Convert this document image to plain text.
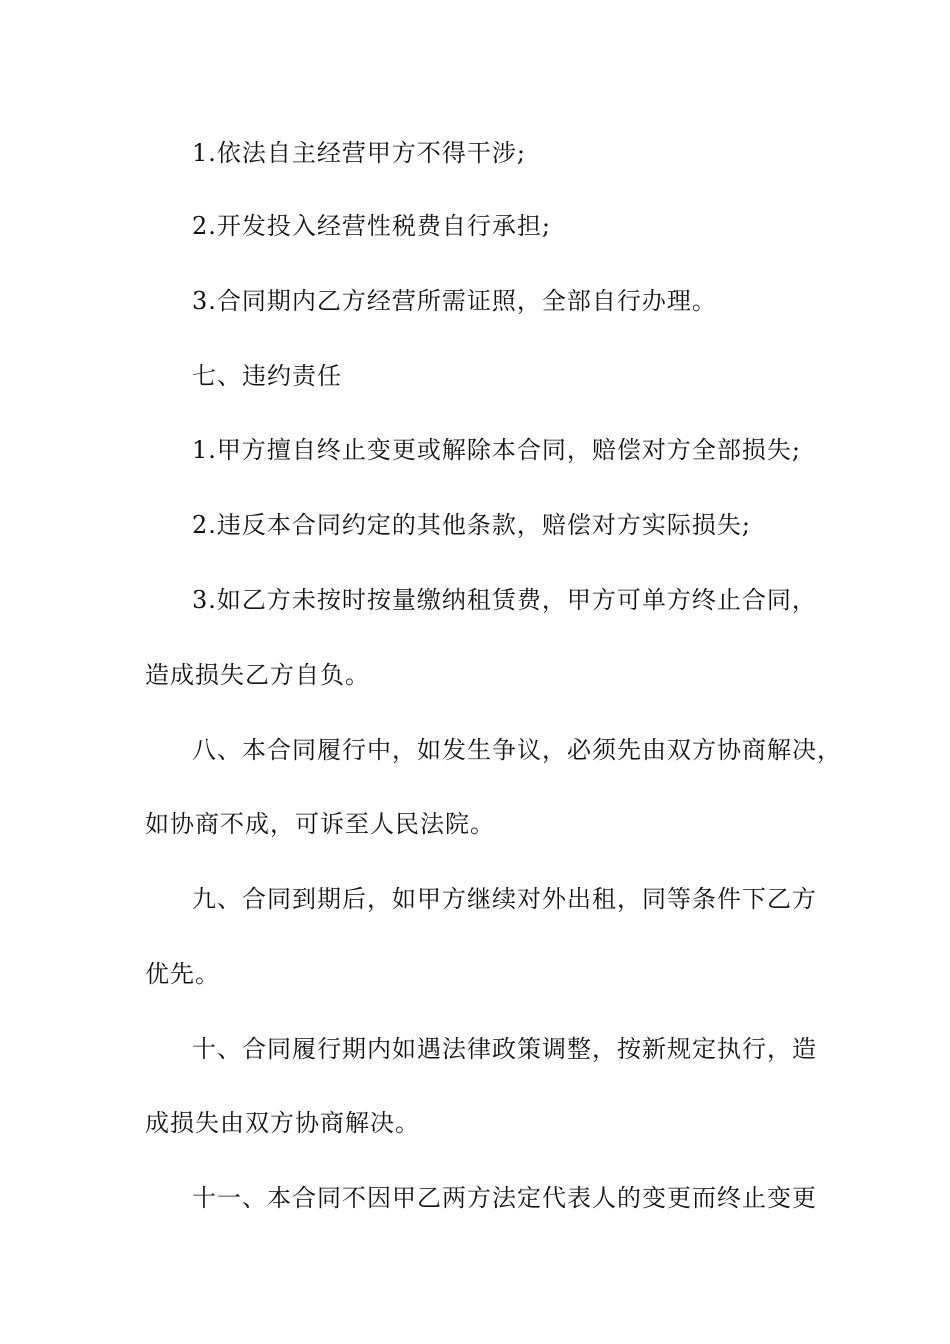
1.依法自主经营甲方不得干涉;
2.开发投入经营性税费自行承担;
3.合同期内乙方经营所需证照，全部自行办理。
七、违约责任
1.甲方擅自终止变更或解除本合同，赔偿对方全部损失;
2.违反本合同约定的其他条款，赔偿对方实际损失;
3.如乙方未按时按量缴纳租赁费，甲方可单方终止合同，
造成损失乙方自负。
八、本合同履行中，如发生争议，必须先由双方协商解决，
如协商不成，可诉至人民法院。
九、合同到期后，如甲方继续对外出租，同等条件下乙方
优先。
十、合同履行期内如遇法律政策调整，按新规定执行，造
成损失由双方协商解决。
十一、本合同不因甲乙两方法定代表人的变更而终止变更
